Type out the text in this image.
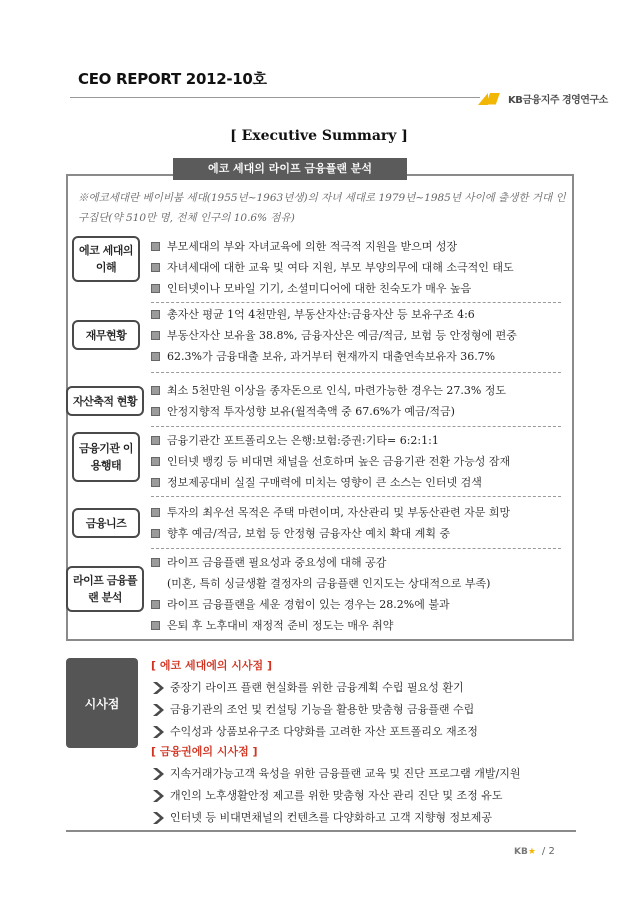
CEO REPORT 2012-10호
KB금융지주 경영연구소
[ Executive Summary ]
에코 세대의 라이프 금융플랜 분석
※에코세대란 베이비붐 세대(1955년~1963년생)의 자녀 세대로 1979년~1985년 사이에 출생한 거대 인구집단(약 510만 명, 전체 인구의 10.6% 점유)
에코 세대의 이해
부모세대의 부와 자녀교육에 의한 적극적 지원을 받으며 성장
자녀세대에 대한 교육 및 여타 지원, 부모 부양의무에 대해 소극적인 태도
인터넷이나 모바일 기기, 소셜미디어에 대한 친숙도가 매우 높음
재무현황
총자산 평균 1억 4천만원, 부동산자산:금융자산 등 보유구조 4:6
부동산자산 보유율 38.8%, 금융자산은 예금/적금, 보험 등 안정형에 편중
62.3%가 금융대출 보유, 과거부터 현재까지 대출연속보유자 36.7%
자산축적 현황
최소 5천만원 이상을 종자돈으로 인식, 마련가능한 경우는 27.3% 정도
안정지향적 투자성향 보유(월적축액 중 67.6%가 예금/적금)
금융기관 이용행태
금융기관간 포트폴리오는 은행:보험:증권:기타= 6:2:1:1
인터넷 뱅킹 등 비대면 채널을 선호하며 높은 금융기관 전환 가능성 잠재
정보제공대비 실질 구매력에 미치는 영향이 큰 소스는 인터넷 검색
금융니즈
투자의 최우선 목적은 주택 마련이며, 자산관리 및 부동산관련 자문 희망
향후 예금/적금, 보험 등 안정형 금융자산 예치 확대 계획 중
라이프 금융플랜 분석
라이프 금융플랜 필요성과 중요성에 대해 공감
(미혼, 특히 싱글생활 결정자의 금융플랜 인지도는 상대적으로 부족)
라이프 금융플랜을 세운 경험이 있는 경우는 28.2%에 불과
은퇴 후 노후대비 재정적 준비 정도는 매우 취약
시사점
[ 에코 세대에의 시사점 ]
중장기 라이프 플랜 현실화를 위한 금융계획 수립 필요성 환기
금융기관의 조언 및 컨설팅 기능을 활용한 맞춤형 금융플랜 수립
수익성과 상품보유구조 다양화를 고려한 자산 포트폴리오 재조정
[ 금융권에의 시사점 ]
지속거래가능고객 육성을 위한 금융플랜 교육 및 진단 프로그램 개발/지원
개인의 노후생활안정 제고를 위한 맞춤형 자산 관리 진단 및 조정 유도
인터넷 등 비대면채널의 컨텐츠를 다양화하고 고객 지향형 정보제공
KB★ / 2
